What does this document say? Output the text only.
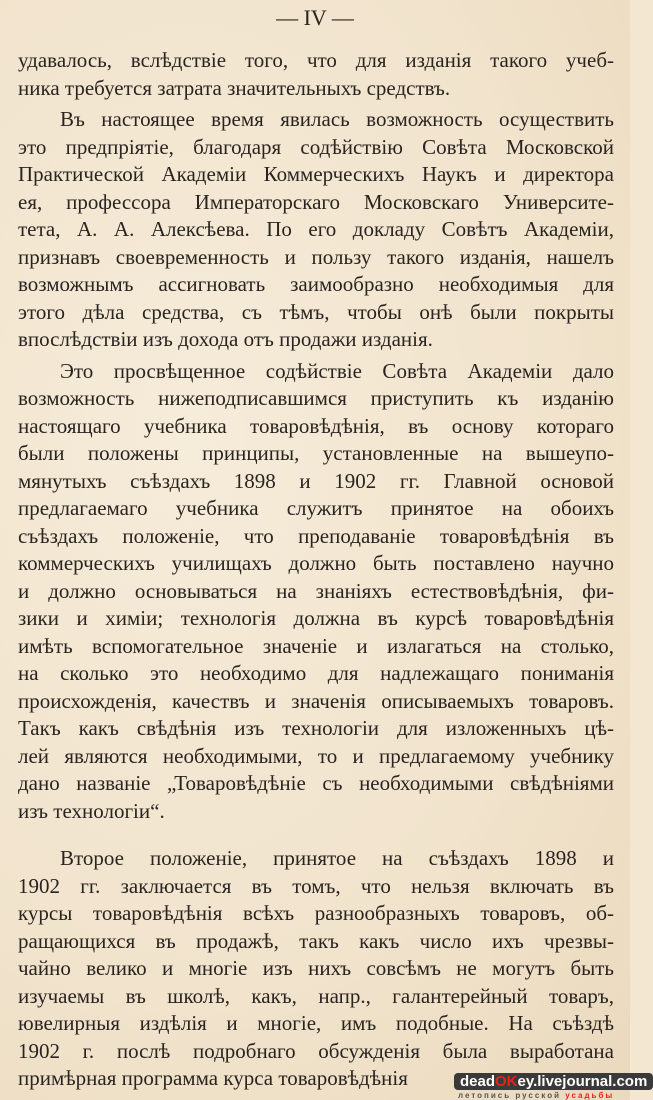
— IV —
удавалось, вслѣдствіе того, что для изданія такого учеб-
ника требуется затрата значительныхъ средствъ.
Въ настоящее время явилась возможность осуществить
это предпріятіе, благодаря содѣйствію Совѣта Московской
Практической Академіи Коммерческихъ Наукъ и директора
ея, профессора Императорскаго Московскаго Университе-
тета, А. А. Алексѣева. По его докладу Совѣтъ Академіи,
признавъ своевременность и пользу такого изданія, нашелъ
возможнымъ ассигновать заимообразно необходимыя для
этого дѣла средства, съ тѣмъ, чтобы онѣ были покрыты
впослѣдствіи изъ дохода отъ продажи изданія.
Это просвѣщенное содѣйствіе Совѣта Академіи дало
возможность нижеподписавшимся приступить къ изданію
настоящаго учебника товаровѣдѣнія, въ основу котораго
были положены принципы, установленные на вышеупо-
мянутыхъ съѣздахъ 1898 и 1902 гг. Главной основой
предлагаемаго учебника служитъ принятое на обоихъ
съѣздахъ положеніе, что преподаваніе товаровѣдѣнія въ
коммерческихъ училищахъ должно быть поставлено научно
и должно основываться на знаніяхъ естествовѣдѣнія, фи-
зики и химіи; технологія должна въ курсѣ товаровѣдѣнія
имѣть вспомогательное значеніе и излагаться на столько,
на сколько это необходимо для надлежащаго пониманія
происхожденія, качествъ и значенія описываемыхъ товаровъ.
Такъ какъ свѣдѣнія изъ технологіи для изложенныхъ цѣ-
лей являются необходимыми, то и предлагаемому учебнику
дано названіе „Товаровѣдѣніе съ необходимыми свѣдѣніями
изъ технологіи“.
Второе положеніе, принятое на съѣздахъ 1898 и
1902 гг. заключается въ томъ, что нельзя включать въ
курсы товаровѣдѣнія всѣхъ разнообразныхъ товаровъ, об-
ращающихся въ продажѣ, такъ какъ число ихъ чрезвы-
чайно велико и многіе изъ нихъ совсѣмъ не могутъ быть
изучаемы въ школѣ, какъ, напр., галантерейный товаръ,
ювелирныя издѣлія и многіе, имъ подобные. На съѣздѣ
1902 г. послѣ подробнаго обсужденія была выработана
примѣрная программа курса товаровѣдѣнія	deadOKey.livejournal.com
летопись русской усадьбы
